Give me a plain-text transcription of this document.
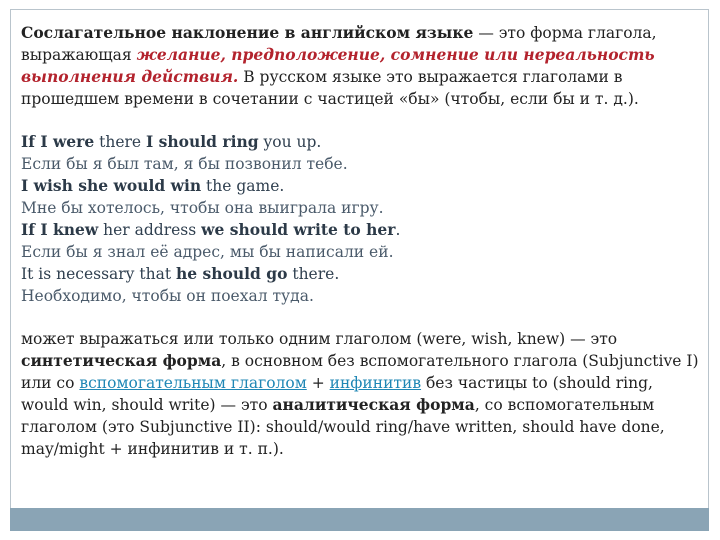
Сослагательное наклонение в английском языке — это форма глагола, выражающая желание, предположение, сомнение или нереальность выполнения действия. В русском языке это выражается глаголами в прошедшем времени в сочетании с частицей «бы» (чтобы, если бы и т. д.).

If I were there I should ring you up.

Если бы я был там, я бы позвонил тебе.

I wish she would win the game.

Мне бы хотелось, чтобы она выиграла игру.

If I knew her address we should write to her.

Если бы я знал её адрес, мы бы написали ей.

It is necessary that he should go there.

Необходимо, чтобы он поехал туда.

может выражаться или только одним глаголом (were, wish, knew) — это синтетическая форма, в основном без вспомогательного глагола (Subjunctive I)

или со вспомогательным глаголом + инфинитив без частицы to (should ring, would win, should write) — это аналитическая форма, со вспомогательным глаголом (это Subjunctive II): should/would ring/have written, should have done, may/might + инфинитив и т. п.).
